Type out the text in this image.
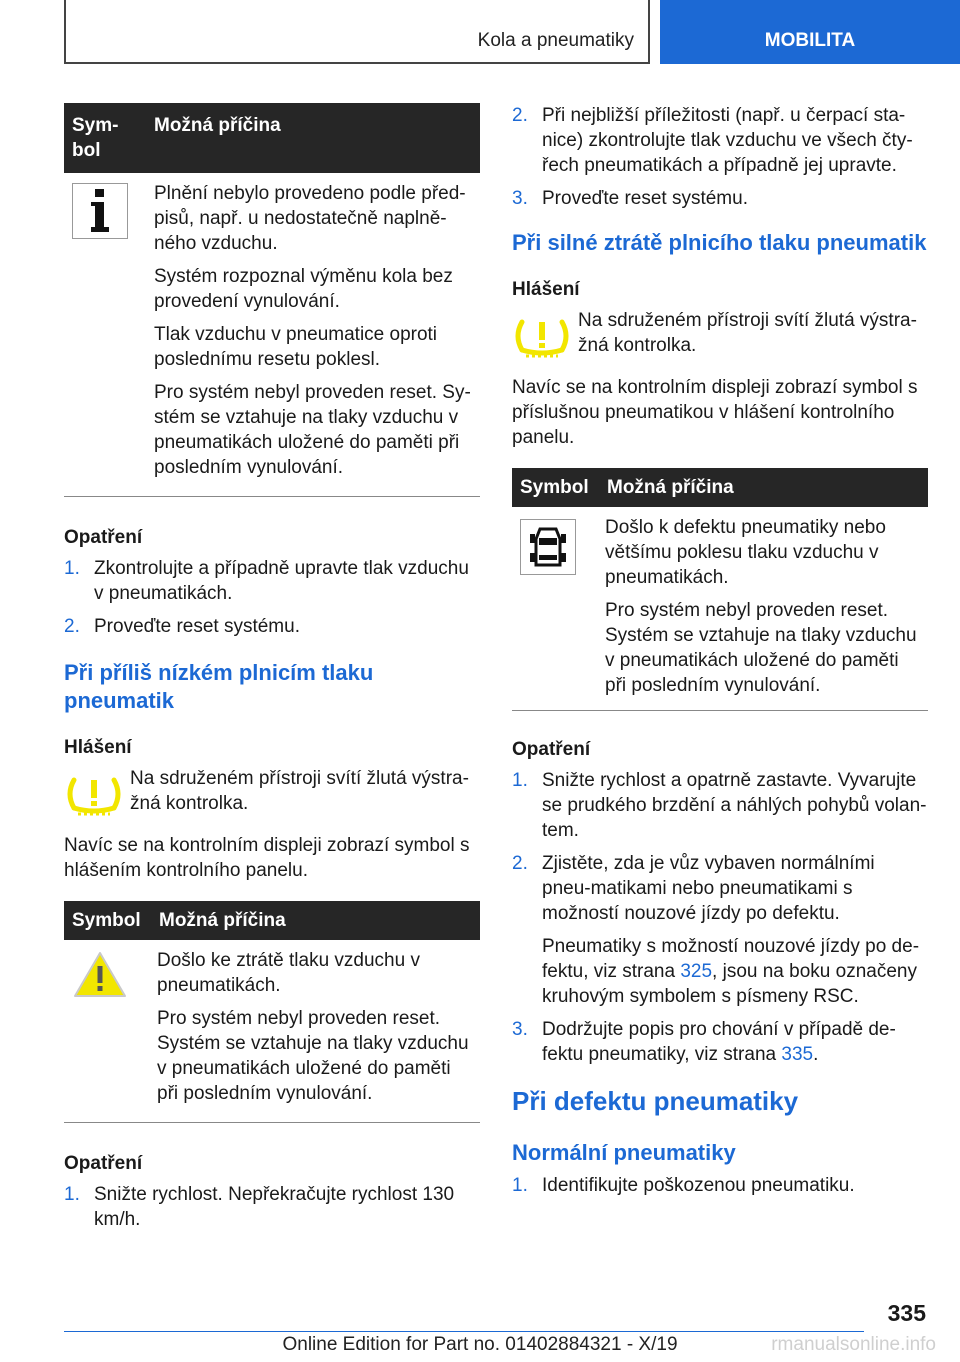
Kola a pneumatiky	MOBILITA
Sym‐
bol	Možná příčina

Plnění nebylo provedeno podle před‐pisů, např. u nedostatečně naplně‐ného vzduchu.

Systém rozpoznal výměnu kola bez provedení vynulování.

Tlak vzduchu v pneumatice oproti poslednímu resetu poklesl.

Pro systém nebyl proveden reset. Sy‐stém se vztahuje na tlaky vzduchu v pneumatikách uložené do paměti při posledním vynulování.

Opatření

1. Zkontrolujte a případně upravte tlak vzduchu v pneumatikách.
2. Proveďte reset systému.

Při příliš nízkém plnicím tlaku pneumatik

Hlášení

Na sdruženém přístroji svítí žlutá výstra‐žná kontrolka.

Navíc se na kontrolním displeji zobrazí symbol s hlášením kontrolního panelu.

Symbol	Možná příčina

Došlo ke ztrátě tlaku vzduchu v pneumatikách.

Pro systém nebyl proveden reset. Systém se vztahuje na tlaky vzduchu v pneumatikách uložené do paměti při posledním vynulování.

Opatření

1. Snižte rychlost. Nepřekračujte rychlost 130 km/h.
2. Při nejbližší příležitosti (např. u čerpací sta‐nice) zkontrolujte tlak vzduchu ve všech čty‐řech pneumatikách a případně jej upravte.
3. Proveďte reset systému.

Při silné ztrátě plnicího tlaku pneumatik

Hlášení

Na sdruženém přístroji svítí žlutá výstra‐žná kontrolka.

Navíc se na kontrolním displeji zobrazí symbol s příslušnou pneumatikou v hlášení kontrolního panelu.

Symbol	Možná příčina

Došlo k defektu pneumatiky nebo většímu poklesu tlaku vzduchu v pneumatikách.

Pro systém nebyl proveden reset. Systém se vztahuje na tlaky vzduchu v pneumatikách uložené do paměti při posledním vynulování.

Opatření

1. Snižte rychlost a opatrně zastavte. Vyvarujte se prudkého brzdění a náhlých pohybů volan‐tem.
2. Zjistěte, zda je vůz vybaven normálními pneu‐matikami nebo pneumatikami s možností nouzové jízdy po defektu.

Pneumatiky s možností nouzové jízdy po de‐fektu, viz strana 325, jsou na boku označeny kruhovým symbolem s písmeny RSC.

3. Dodržujte popis pro chování v případě de‐fektu pneumatiky, viz strana 335.

Při defektu pneumatiky

Normální pneumatiky

1. Identifikujte poškozenou pneumatiku.
335
Online Edition for Part no. 01402884321 - X/19	rmanualsonline.info
